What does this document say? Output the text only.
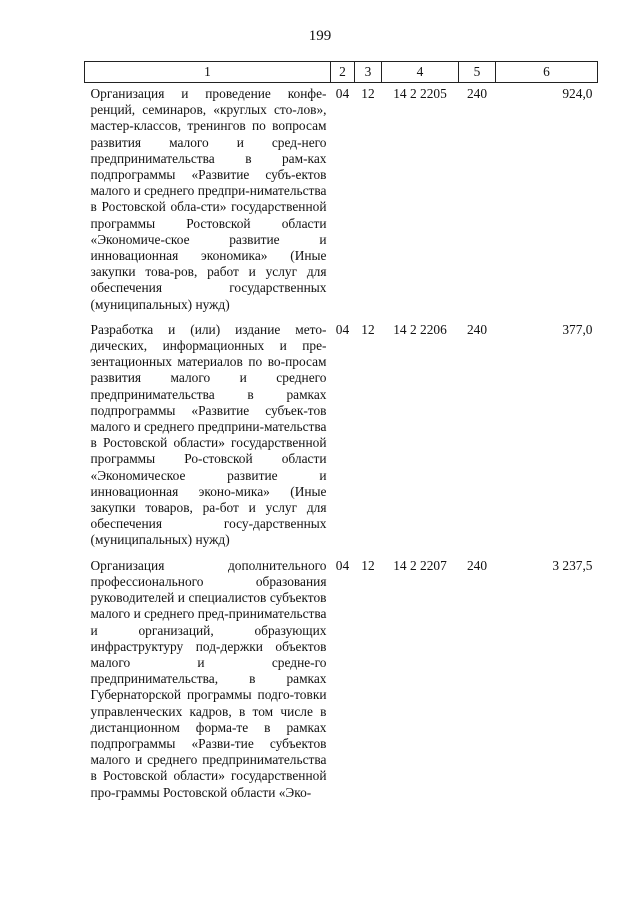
199
1	2	3	4	5	6
Организация и проведение конфе-ренций, семинаров, «круглых сто-лов», мастер-классов, тренингов по вопросам развития малого и сред-него предпринимательства в рам-ках подпрограммы «Развитие субъ-ектов малого и среднего предпри-нимательства в Ростовской обла-сти» государственной программы Ростовской области «Экономиче-ское развитие и инновационная экономика» (Иные закупки това-ров, работ и услуг для обеспечения государственных (муниципальных) нужд)	04	12	14 2 2205	240	924,0
Разработка и (или) издание мето-дических, информационных и пре-зентационных материалов по во-просам развития малого и среднего предпринимательства в рамках подпрограммы «Развитие субъек-тов малого и среднего предприни-мательства в Ростовской области» государственной программы Ро-стовской области «Экономическое развитие и инновационная эконо-мика» (Иные закупки товаров, ра-бот и услуг для обеспечения госу-дарственных (муниципальных) нужд)	04	12	14 2 2206	240	377,0
Организация дополнительного профессионального образования руководителей и специалистов субъектов малого и среднего пред-принимательства и организаций, образующих инфраструктуру под-держки объектов малого и средне-го предпринимательства, в рамках Губернаторской программы подго-товки управленческих кадров, в том числе в дистанционном форма-те в рамках подпрограммы «Разви-тие субъектов малого и среднего предпринимательства в Ростовской области» государственной про-граммы Ростовской области «Эко-	04	12	14 2 2207	240	3 237,5
